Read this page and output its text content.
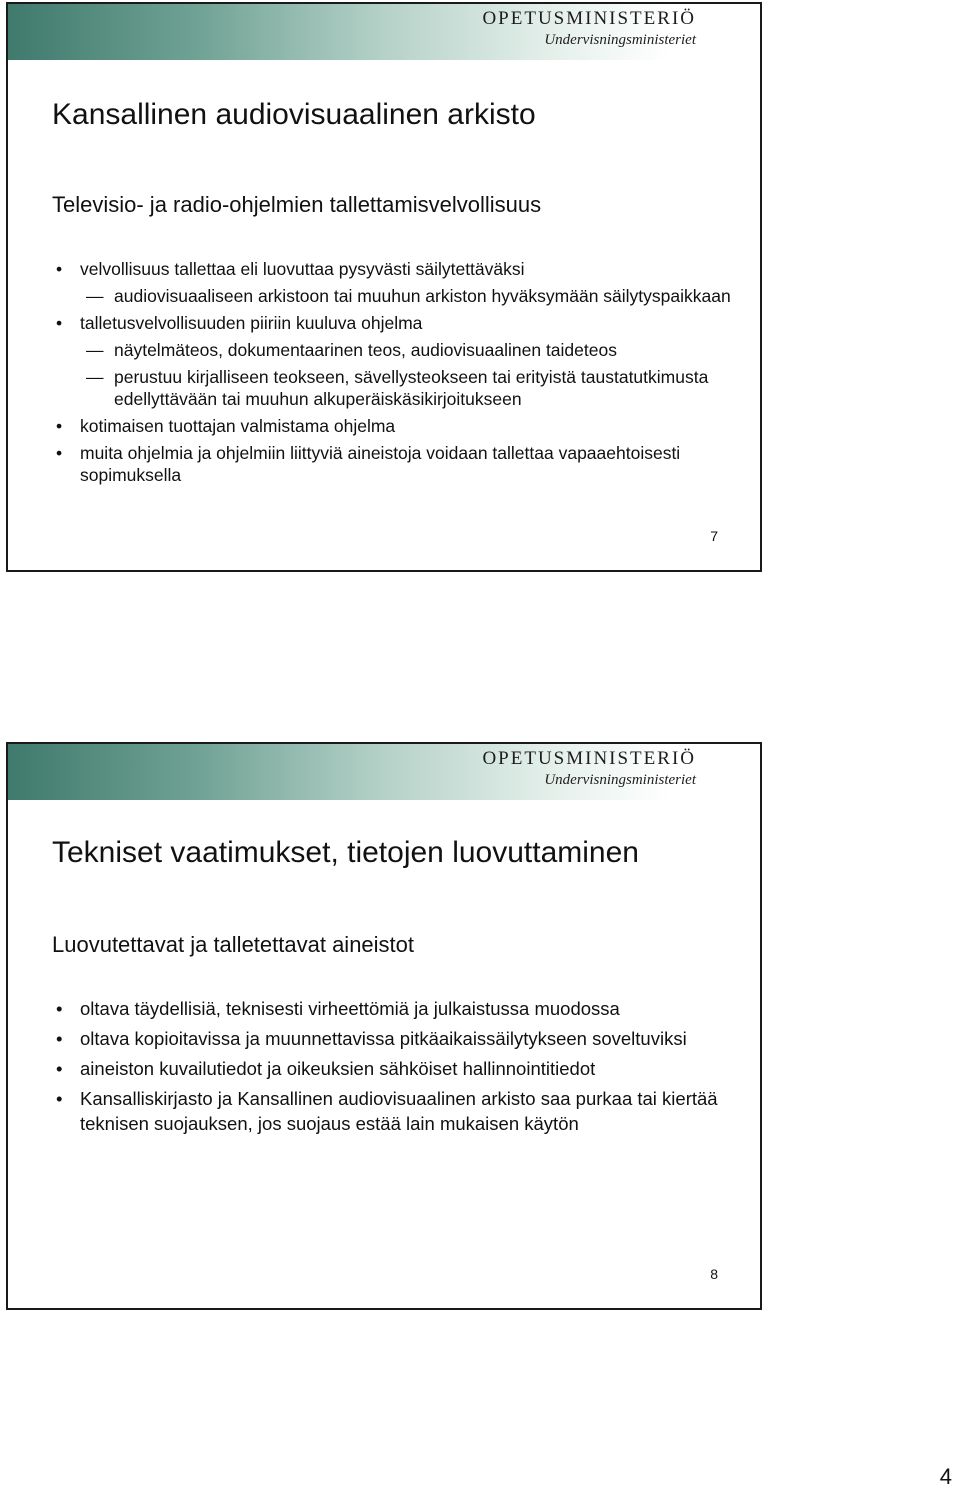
OPETUSMINISTERIÖ
Undervisningsministeriet
Kansallinen audiovisuaalinen arkisto
Televisio- ja radio-ohjelmien tallettamisvelvollisuus
• velvollisuus tallettaa eli luovuttaa pysyvästi säilytettäväksi
— audiovisuaaliseen arkistoon tai muuhun arkiston hyväksymään säilytyspaikkaan
• talletusvelvollisuuden piiriin kuuluva ohjelma
— näytelmäteos, dokumentaarinen teos, audiovisuaalinen taideteos
— perustuu kirjalliseen teokseen, sävellysteokseen tai erityistä taustatutkimusta edellyttävään tai muuhun alkuperäiskäsikirjoitukseen
• kotimaisen tuottajan valmistama ohjelma
• muita ohjelmia ja ohjelmiin liittyviä aineistoja voidaan tallettaa vapaaehtoisesti sopimuksella
7
OPETUSMINISTERIÖ
Undervisningsministeriet
Tekniset vaatimukset, tietojen luovuttaminen
Luovutettavat ja talletettavat aineistot
• oltava täydellisiä, teknisesti virheettömiä ja julkaistussa muodossa
• oltava kopioitavissa ja muunnettavissa pitkäaikaissäilytykseen soveltuviksi
• aineiston kuvailutiedot ja oikeuksien sähköiset hallinnointitiedot
• Kansalliskirjasto ja Kansallinen audiovisuaalinen arkisto saa purkaa tai kiertää teknisen suojauksen, jos suojaus estää lain mukaisen käytön
8
4
